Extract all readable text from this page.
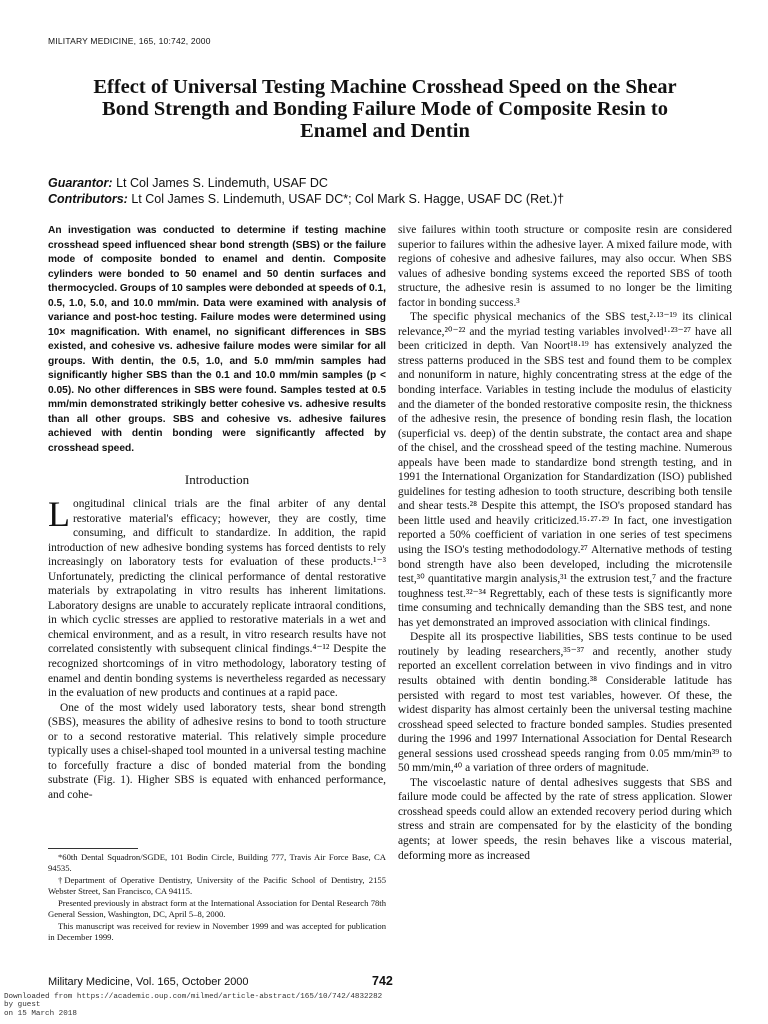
MILITARY MEDICINE, 165, 10:742, 2000
Effect of Universal Testing Machine Crosshead Speed on the Shear
Bond Strength and Bonding Failure Mode of Composite Resin to
Enamel and Dentin
Guarantor: Lt Col James S. Lindemuth, USAF DC
Contributors: Lt Col James S. Lindemuth, USAF DC*; Col Mark S. Hagge, USAF DC (Ret.)†
An investigation was conducted to determine if testing machine crosshead speed influenced shear bond strength (SBS) or the failure mode of composite bonded to enamel and dentin. Composite cylinders were bonded to 50 enamel and 50 dentin surfaces and thermocycled. Groups of 10 samples were debonded at speeds of 0.1, 0.5, 1.0, 5.0, and 10.0 mm/min. Data were examined with analysis of variance and post-hoc testing. Failure modes were determined using 10× magnification. With enamel, no significant differences in SBS existed, and cohesive vs. adhesive failure modes were similar for all groups. With dentin, the 0.5, 1.0, and 5.0 mm/min samples had significantly higher SBS than the 0.1 and 10.0 mm/min samples (p < 0.05). No other differences in SBS were found. Samples tested at 0.5 mm/min demonstrated strikingly better cohesive vs. adhesive results than all other groups. SBS and cohesive vs. adhesive failures achieved with dentin bonding were significantly affected by crosshead speed.
Introduction

Longitudinal clinical trials are the final arbiter of any dental restorative material's efficacy; however, they are costly, time consuming, and difficult to standardize. In addition, the rapid introduction of new adhesive bonding systems has forced dentists to rely increasingly on laboratory tests for evaluation of these products.¹⁻³ Unfortunately, predicting the clinical performance of dental restorative materials by extrapolating in vitro results has inherent limitations. Laboratory designs are unable to accurately replicate intraoral conditions, in which cyclic stresses are applied to restorative materials in a wet and chemical environment, and as a result, in vitro research results have not correlated consistently with subsequent clinical findings.⁴⁻¹² Despite the recognized shortcomings of in vitro methodology, laboratory testing of enamel and dentin bonding systems is nevertheless regarded as necessary in the evaluation of new products and continues at a rapid pace.

One of the most widely used laboratory tests, shear bond strength (SBS), measures the ability of adhesive resins to bond to tooth structure or to a second restorative material. This relatively simple procedure typically uses a chisel-shaped tool mounted in a universal testing machine to forcefully fracture a disc of bonded material from the bonding substrate (Fig. 1). Higher SBS is equated with enhanced performance, and cohe-

sive failures within tooth structure or composite resin are considered superior to failures within the adhesive layer. A mixed failure mode, with regions of cohesive and adhesive failures, may also occur. When SBS values of adhesive bonding systems exceed the reported SBS of tooth structure, the adhesive resin is assumed to no longer be the limiting factor in bonding success.³

The specific physical mechanics of the SBS test,²·¹³⁻¹⁹ its clinical relevance,²⁰⁻²² and the myriad testing variables involved¹·²³⁻²⁷ have all been criticized in depth. Van Noort¹⁸·¹⁹ has extensively analyzed the stress patterns produced in the SBS test and found them to be complex and nonuniform in nature, highly concentrating stress at the edge of the bonding interface. Variables in testing include the modulus of elasticity and the diameter of the bonded restorative composite resin, the thickness of the adhesive resin, the presence of bonding resin flash, the location (superficial vs. deep) of the dentin substrate, the contact area and shape of the chisel, and the crosshead speed of the testing machine. Numerous appeals have been made to standardize bond strength testing, and in 1991 the International Organization for Standardization (ISO) published guidelines for testing adhesion to tooth structure, describing both tensile and shear tests.²⁸ Despite this attempt, the ISO's proposed standard has been little used and heavily criticized.¹⁵·²⁷·²⁹ In fact, one investigation reported a 50% coefficient of variation in one series of test specimens using the ISO's testing methododology.²⁷ Alternative methods of testing bond strength have also been developed, including the microtensile test,³⁰ quantitative margin analysis,³¹ the extrusion test,⁷ and the fracture toughness test.³²⁻³⁴ Regrettably, each of these tests is significantly more time consuming and technically demanding than the SBS test, and none has yet demonstrated an improved association with clinical findings.

Despite all its prospective liabilities, SBS tests continue to be used routinely by leading researchers,³⁵⁻³⁷ and recently, another study reported an excellent correlation between in vivo findings and in vitro results obtained with dentin bonding.³⁸ Considerable latitude has persisted with regard to most test variables, however. Of these, the widest disparity has almost certainly been the universal testing machine crosshead speed selected to fracture bonded samples. Studies presented during the 1996 and 1997 International Association for Dental Research general sessions used crosshead speeds ranging from 0.05 mm/min³⁹ to 50 mm/min,⁴⁰ a variation of three orders of magnitude.

The viscoelastic nature of dental adhesives suggests that SBS and failure mode could be affected by the rate of stress application. Slower crosshead speeds could allow an extended recovery period during which stress and strain are compensated for by the elasticity of the bonding agents; at lower speeds, the resin behaves like a viscous material, deforming more as increased

*60th Dental Squadron/SGDE, 101 Bodin Circle, Building 777, Travis Air Force Base, CA 94535.

†Department of Operative Dentistry, University of the Pacific School of Dentistry, 2155 Webster Street, San Francisco, CA 94115.

Presented previously in abstract form at the International Association for Dental Research 78th General Session, Washington, DC, April 5–8, 2000.

This manuscript was received for review in November 1999 and was accepted for publication in December 1999.

Military Medicine, Vol. 165, October 2000	742
Downloaded from https://academic.oup.com/milmed/article-abstract/165/10/742/4832282
by guest
on 15 March 2018
